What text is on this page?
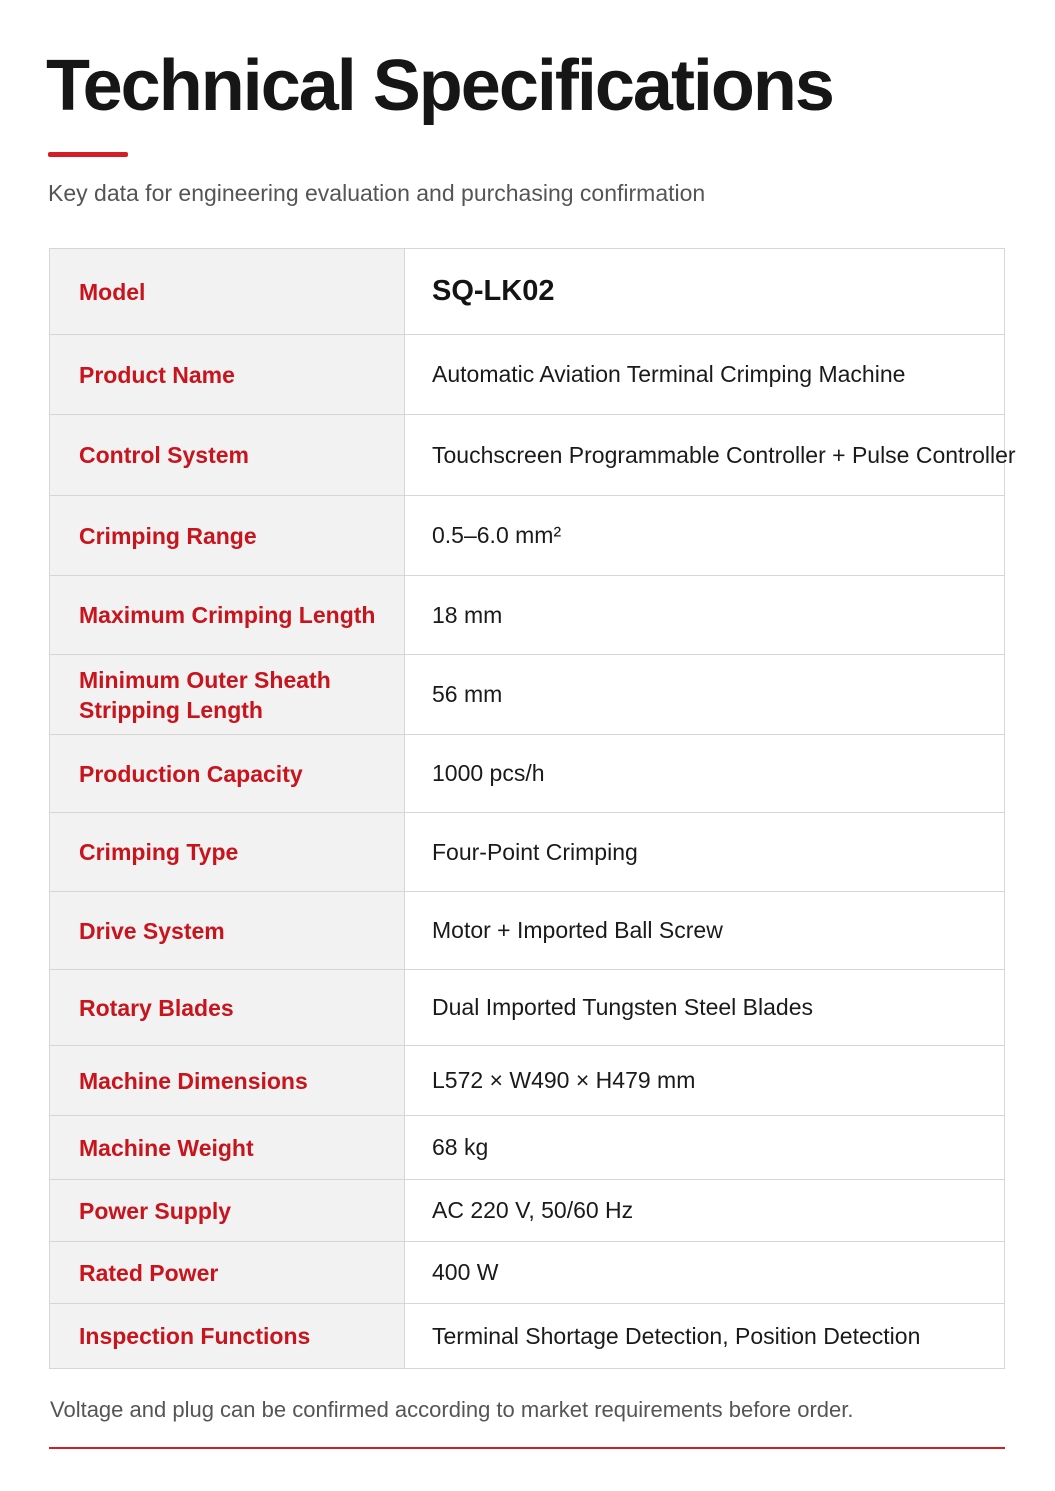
Technical Specifications

Key data for engineering evaluation and purchasing confirmation

Model	SQ-LK02
Product Name	Automatic Aviation Terminal Crimping Machine
Control System	Touchscreen Programmable Controller + Pulse Controller
Crimping Range	0.5–6.0 mm²
Maximum Crimping Length	18 mm
Minimum Outer Sheath Stripping Length	56 mm
Production Capacity	1000 pcs/h
Crimping Type	Four-Point Crimping
Drive System	Motor + Imported Ball Screw
Rotary Blades	Dual Imported Tungsten Steel Blades
Machine Dimensions	L572 × W490 × H479 mm
Machine Weight	68 kg
Power Supply	AC 220 V, 50/60 Hz
Rated Power	400 W
Inspection Functions	Terminal Shortage Detection, Position Detection

Voltage and plug can be confirmed according to market requirements before order.
